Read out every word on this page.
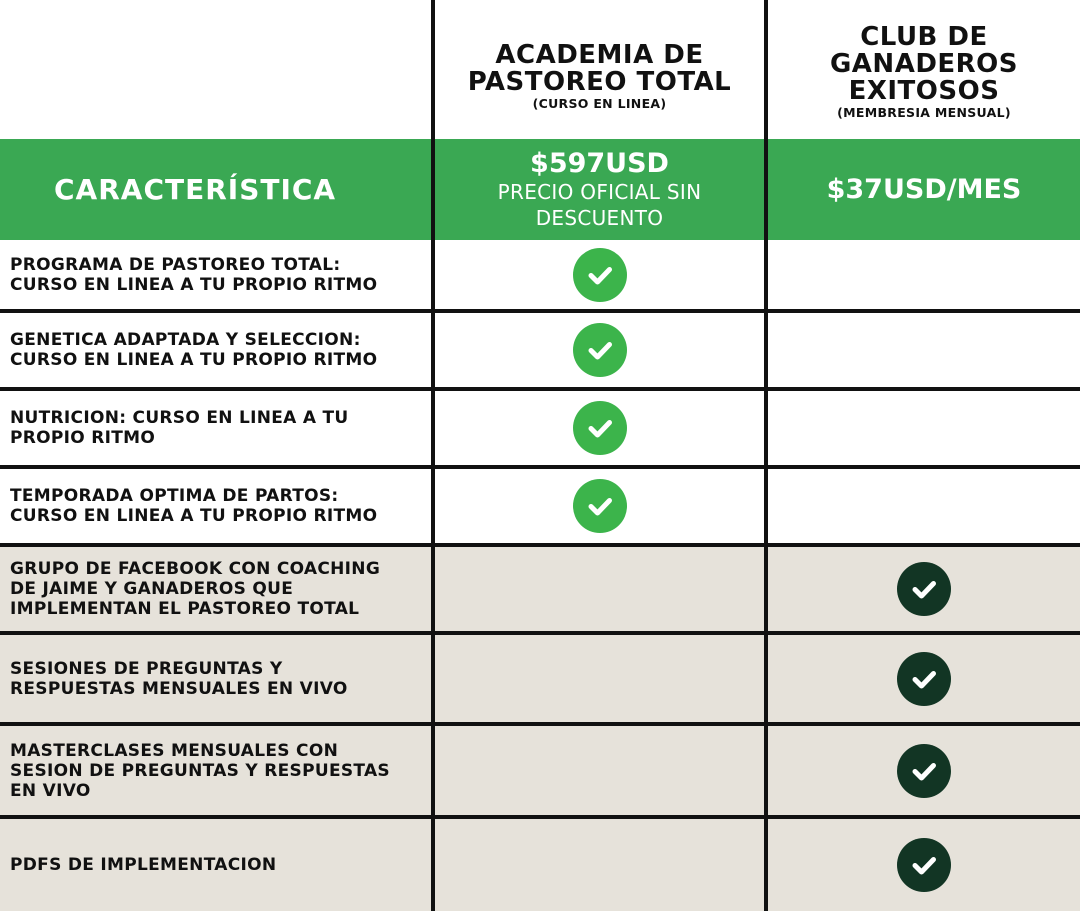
ACADEMIA DE
PASTOREO TOTAL
(CURSO EN LINEA)
CLUB DE
GANADEROS
EXITOSOS
(MEMBRESIA MENSUAL)
CARACTERÍSTICA
$597USD
PRECIO OFICIAL SIN
DESCUENTO
$37USD/MES
PROGRAMA DE PASTOREO TOTAL:
CURSO EN LINEA A TU PROPIO RITMO
GENETICA ADAPTADA Y SELECCION:
CURSO EN LINEA A TU PROPIO RITMO
NUTRICION: CURSO EN LINEA A TU
PROPIO RITMO
TEMPORADA OPTIMA DE PARTOS:
CURSO EN LINEA A TU PROPIO RITMO
GRUPO DE FACEBOOK CON COACHING
DE JAIME Y GANADEROS QUE
IMPLEMENTAN EL PASTOREO TOTAL
SESIONES DE PREGUNTAS Y
RESPUESTAS MENSUALES EN VIVO
MASTERCLASES MENSUALES CON
SESION DE PREGUNTAS Y RESPUESTAS
EN VIVO
PDFS DE IMPLEMENTACION
